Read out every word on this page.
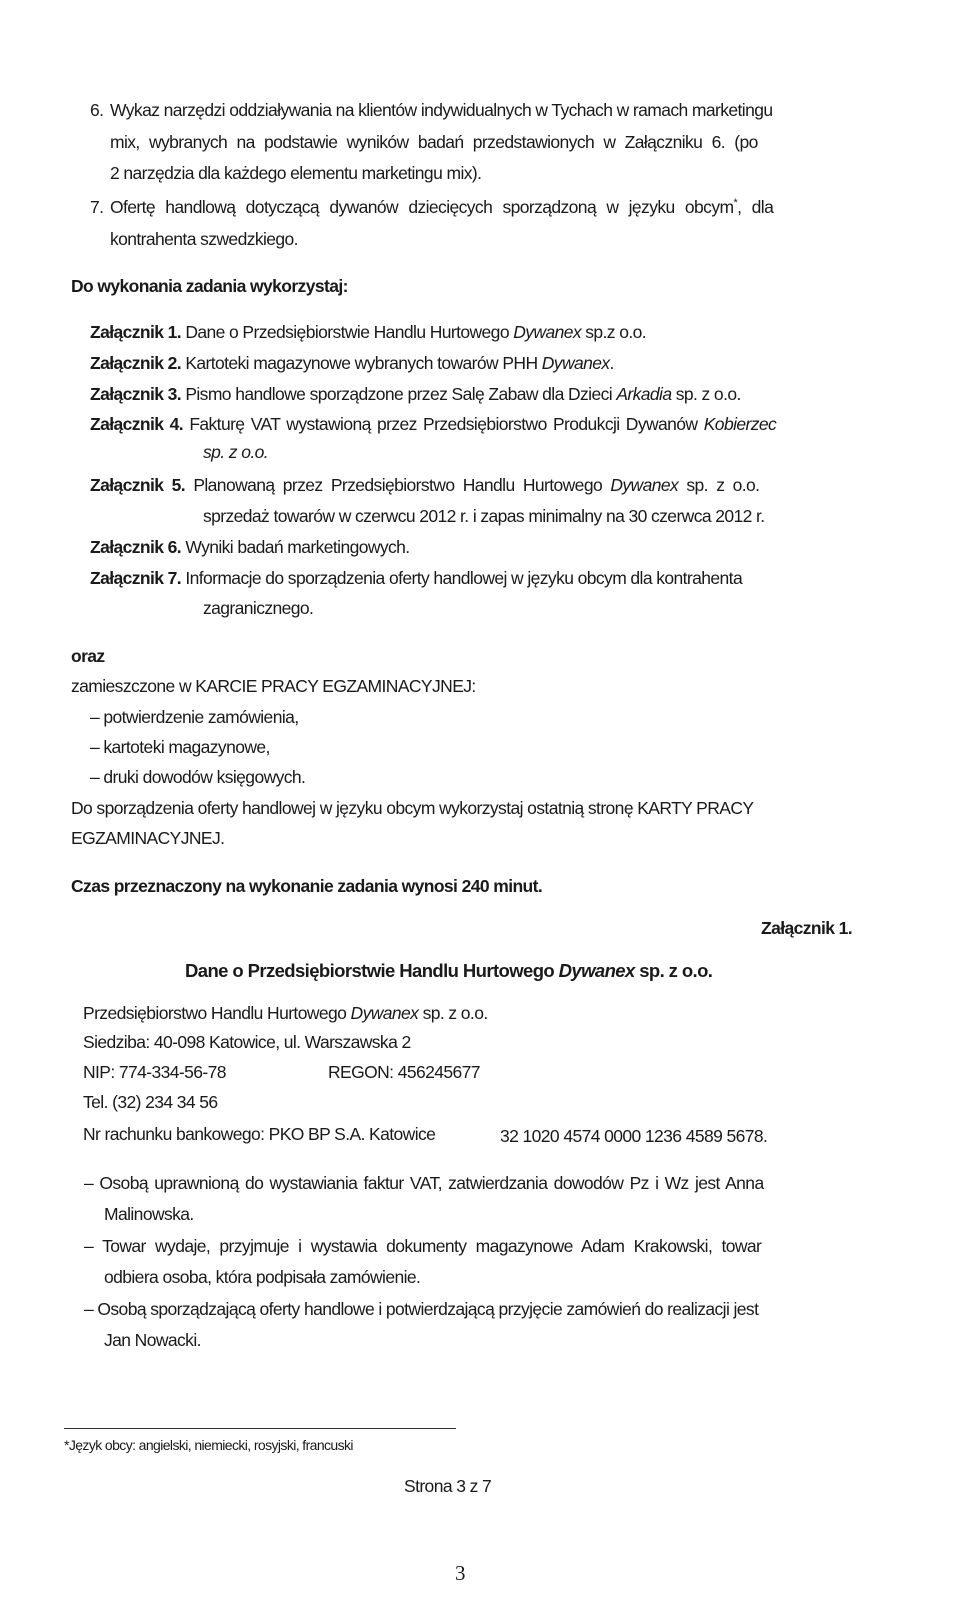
6. Wykaz narzędzi oddziaływania na klientów indywidualnych w Tychach w ramach marketingu
mix, wybranych na podstawie wyników badań przedstawionych w Załączniku 6. (po
2 narzędzia dla każdego elementu marketingu mix).
7. Ofertę handlową dotyczącą dywanów dziecięcych sporządzoną w języku obcym*, dla
kontrahenta szwedzkiego.
Do wykonania zadania wykorzystaj:
Załącznik 1. Dane o Przedsiębiorstwie Handlu Hurtowego Dywanex sp.z o.o.
Załącznik 2. Kartoteki magazynowe wybranych towarów PHH Dywanex.
Załącznik 3. Pismo handlowe sporządzone przez Salę Zabaw dla Dzieci Arkadia sp. z o.o.
Załącznik 4. Fakturę VAT wystawioną przez Przedsiębiorstwo Produkcji Dywanów Kobierzec
sp. z o.o.
Załącznik 5. Planowaną przez Przedsiębiorstwo Handlu Hurtowego Dywanex sp. z o.o.
sprzedaż towarów w czerwcu 2012 r. i zapas minimalny na 30 czerwca 2012 r.
Załącznik 6. Wyniki badań marketingowych.
Załącznik 7. Informacje do sporządzenia oferty handlowej w języku obcym dla kontrahenta
zagranicznego.
oraz
zamieszczone w KARCIE PRACY EGZAMINACYJNEJ:
– potwierdzenie zamówienia,
– kartoteki magazynowe,
– druki dowodów księgowych.
Do sporządzenia oferty handlowej w języku obcym wykorzystaj ostatnią stronę KARTY PRACY
EGZAMINACYJNEJ.
Czas przeznaczony na wykonanie zadania wynosi 240 minut.
Załącznik 1.
Dane o Przedsiębiorstwie Handlu Hurtowego Dywanex sp. z o.o.
Przedsiębiorstwo Handlu Hurtowego Dywanex sp. z o.o.
Siedziba: 40-098 Katowice, ul. Warszawska 2
NIP: 774-334-56-78	REGON: 456245677
Tel. (32) 234 34 56
Nr rachunku bankowego: PKO BP S.A. Katowice	32 1020 4574 0000 1236 4589 5678.
– Osobą uprawnioną do wystawiania faktur VAT, zatwierdzania dowodów Pz i Wz jest Anna
Malinowska.
– Towar wydaje, przyjmuje i wystawia dokumenty magazynowe Adam Krakowski, towar
odbiera osoba, która podpisała zamówienie.
– Osobą sporządzającą oferty handlowe i potwierdzającą przyjęcie zamówień do realizacji jest
Jan Nowacki.
*Język obcy: angielski, niemiecki, rosyjski, francuski
Strona 3 z 7
3
